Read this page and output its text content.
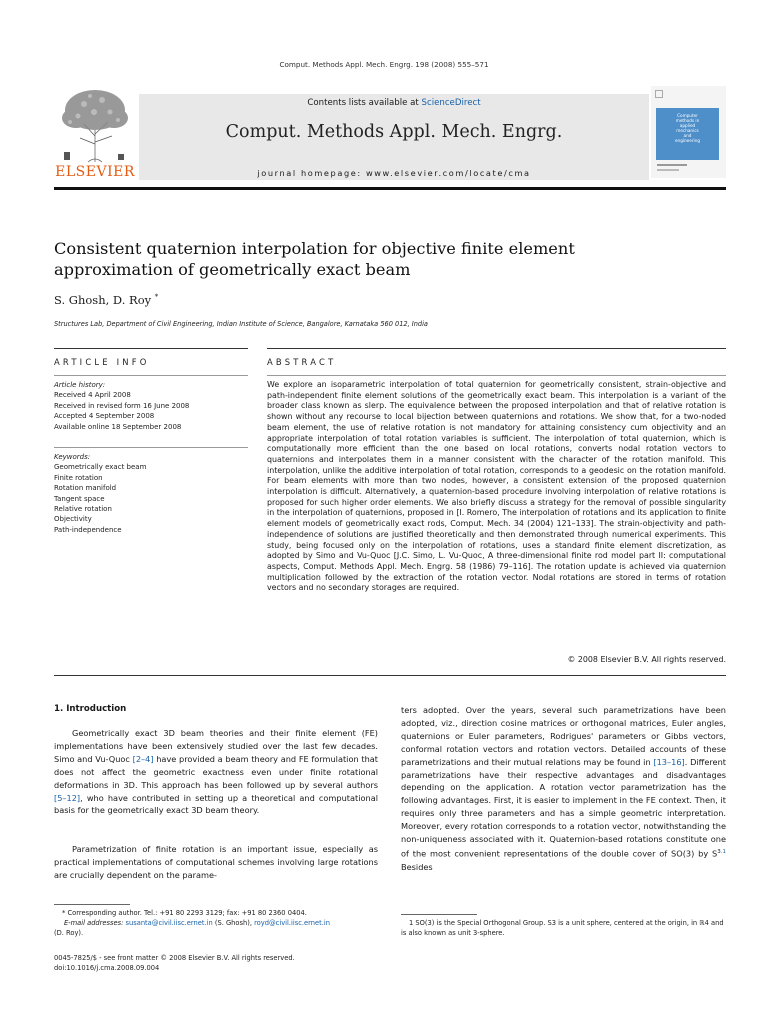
Comput. Methods Appl. Mech. Engrg. 198 (2008) 555–571
ELSEVIER
Contents lists available at ScienceDirect
Comput. Methods Appl. Mech. Engrg.
journal homepage: www.elsevier.com/locate/cma
Computer
methods in
applied
mechanics
and
engineering
Consistent quaternion interpolation for objective finite element
approximation of geometrically exact beam
S. Ghosh, D. Roy *
Structures Lab, Department of Civil Engineering, Indian Institute of Science, Bangalore, Karnataka 560 012, India
ARTICLE INFO
Article history:
Received 4 April 2008
Received in revised form 16 June 2008
Accepted 4 September 2008
Available online 18 September 2008
Keywords:
Geometrically exact beam
Finite rotation
Rotation manifold
Tangent space
Relative rotation
Objectivity
Path-independence
ABSTRACT
We explore an isoparametric interpolation of total quaternion for geometrically consistent, strain-objective and path-independent finite element solutions of the geometrically exact beam. This interpolation is a variant of the broader class known as slerp. The equivalence between the proposed interpolation and that of relative rotation is shown without any recourse to local bijection between quaternions and rotations. We show that, for a two-noded beam element, the use of relative rotation is not mandatory for attaining consistency cum objectivity and an appropriate interpolation of total rotation variables is sufficient. The interpolation of total quaternion, which is computationally more efficient than the one based on local rotations, converts nodal rotation vectors to quaternions and interpolates them in a manner consistent with the character of the rotation manifold. This interpolation, unlike the additive interpolation of total rotation, corresponds to a geodesic on the rotation manifold. For beam elements with more than two nodes, however, a consistent extension of the proposed quaternion interpolation is difficult. Alternatively, a quaternion-based procedure involving interpolation of relative rotations is proposed for such higher order elements. We also briefly discuss a strategy for the removal of possible singularity in the interpolation of quaternions, proposed in [I. Romero, The interpolation of rotations and its application to finite element models of geometrically exact rods, Comput. Mech. 34 (2004) 121–133]. The strain-objectivity and path-independence of solutions are justified theoretically and then demonstrated through numerical experiments. This study, being focused only on the interpolation of rotations, uses a standard finite element discretization, as adopted by Simo and Vu-Quoc [J.C. Simo, L. Vu-Quoc, A three-dimensional finite rod model part II: computational aspects, Comput. Methods Appl. Mech. Engrg. 58 (1986) 79–116]. The rotation update is achieved via quaternion multiplication followed by the extraction of the rotation vector. Nodal rotations are stored in terms of rotation vectors and no secondary storages are required.
© 2008 Elsevier B.V. All rights reserved.
1. Introduction
Geometrically exact 3D beam theories and their finite element (FE) implementations have been extensively studied over the last few decades. Simo and Vu-Quoc [2–4] have provided a beam theory and FE formulation that does not affect the geometric exactness even under finite rotational deformations in 3D. This approach has been followed up by several authors [5–12], who have contributed in setting up a theoretical and computational basis for the geometrically exact 3D beam theory.
Parametrization of finite rotation is an important issue, especially as practical implementations of computational schemes involving large rotations are crucially dependent on the parame-
ters adopted. Over the years, several such parametrizations have been adopted, viz., direction cosine matrices or orthogonal matrices, Euler angles, quaternions or Euler parameters, Rodrigues' parameters or Gibbs vectors, conformal rotation vectors and rotation vectors. Detailed accounts of these parametrizations and their mutual relations may be found in [13–16]. Different parametrizations have their respective advantages and disadvantages depending on the application. A rotation vector parametrization has the following advantages. First, it is easier to implement in the FE context. Then, it requires only three parameters and has a simple geometric interpretation. Moreover, every rotation corresponds to a rotation vector, notwithstanding the non-uniqueness associated with it. Quaternion-based rotations constitute one of the most convenient representations of the double cover of SO(3) by S$^{3.1}$ Besides
* Corresponding author. Tel.: +91 80 2293 3129; fax: +91 80 2360 0404.
E-mail addresses: susanta@civil.iisc.ernet.in (S. Ghosh), royd@civil.iisc.ernet.in
(D. Roy).
0045-7825/$ - see front matter © 2008 Elsevier B.V. All rights reserved.
doi:10.1016/j.cma.2008.09.004
1 SO(3) is the Special Orthogonal Group. S3 is a unit sphere, centered at the origin, in ℝ4 and is also known as unit 3-sphere.
